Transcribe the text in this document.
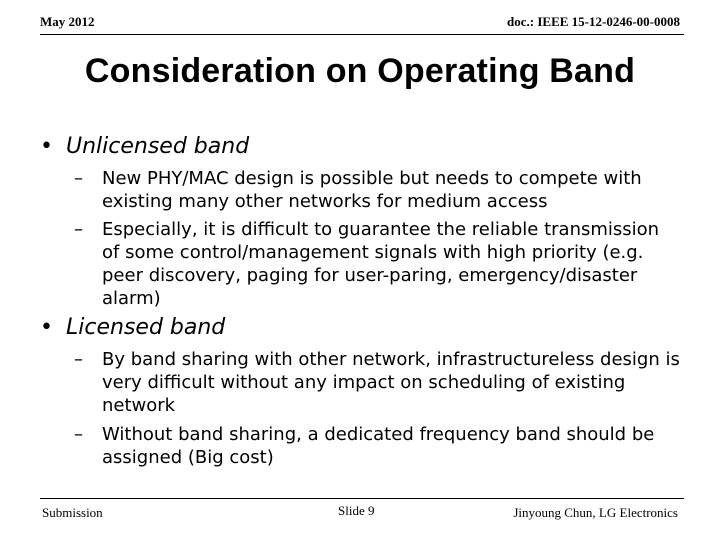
May 2012	doc.: IEEE 15-12-0246-00-0008
Consideration on Operating Band
• Unlicensed band
– New PHY/MAC design is possible but needs to compete with existing many other networks for medium access
– Especially, it is difficult to guarantee the reliable transmission of some control/management signals with high priority (e.g. peer discovery, paging for user-paring, emergency/disaster alarm)
• Licensed band
– By band sharing with other network, infrastructureless design is very difficult without any impact on scheduling of existing network
– Without band sharing, a dedicated frequency band should be assigned (Big cost)
Submission	Slide 9	Jinyoung Chun, LG Electronics
